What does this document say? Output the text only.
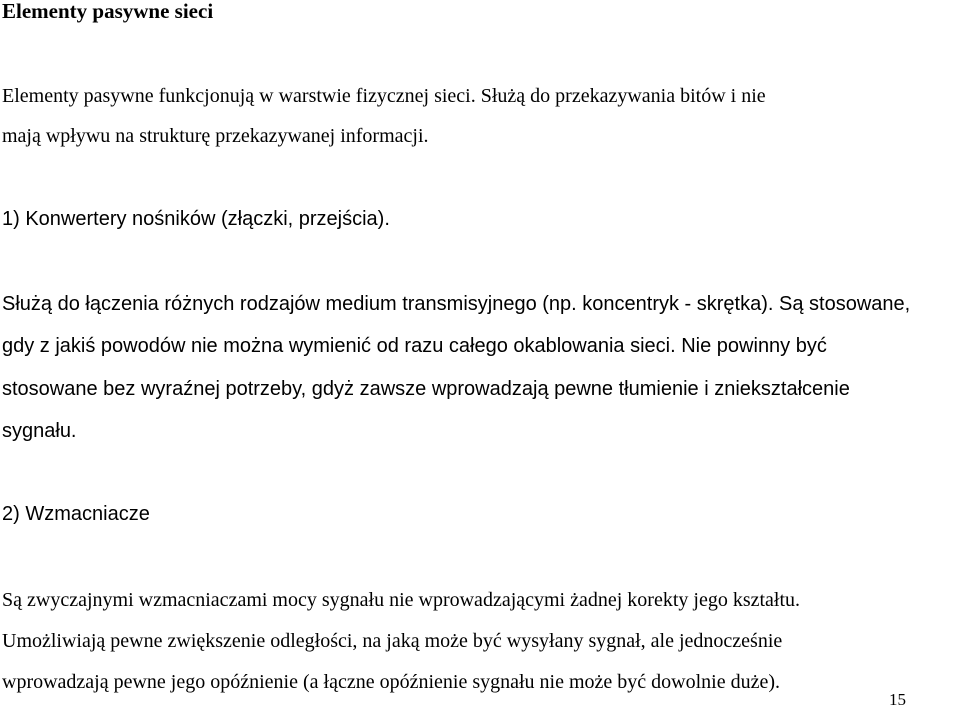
Elementy pasywne sieci
Elementy pasywne funkcjonują w warstwie fizycznej sieci. Służą do przekazywania bitów i nie
mają wpływu na strukturę przekazywanej informacji.
1) Konwertery nośników (złączki, przejścia).
Służą do łączenia różnych rodzajów medium transmisyjnego (np. koncentryk - skrętka). Są stosowane,
gdy z jakiś powodów nie można wymienić od razu całego okablowania sieci. Nie powinny być
stosowane bez wyraźnej potrzeby, gdyż zawsze wprowadzają pewne tłumienie i zniekształcenie
sygnału.
2) Wzmacniacze
Są zwyczajnymi wzmacniaczami mocy sygnału nie wprowadzającymi żadnej korekty jego kształtu.
Umożliwiają pewne zwiększenie odległości, na jaką może być wysyłany sygnał, ale jednocześnie
wprowadzają pewne jego opóźnienie (a łączne opóźnienie sygnału nie może być dowolnie duże).
15
